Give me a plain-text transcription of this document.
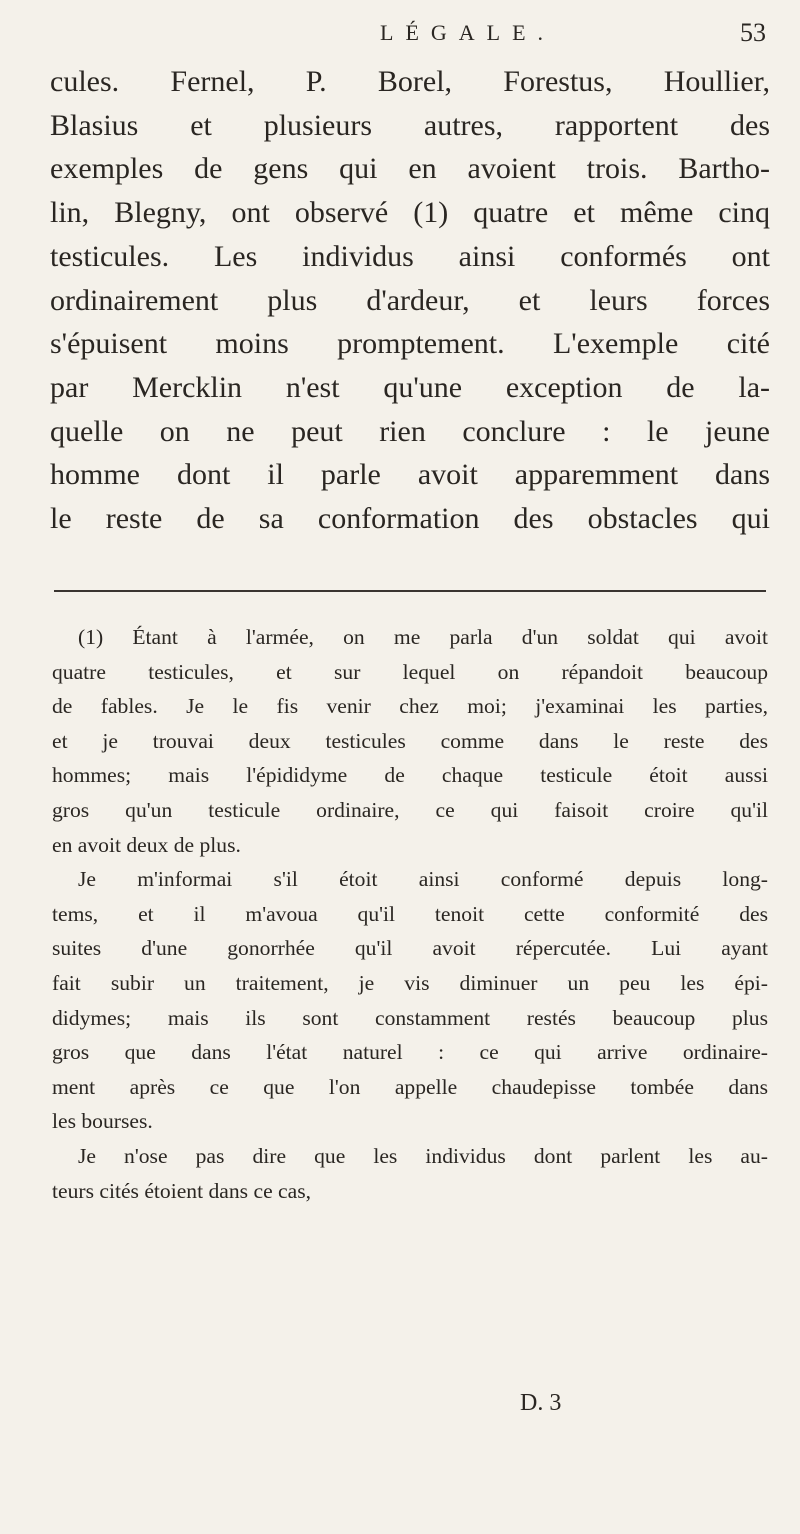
LÉGALE.	53
cules. Fernel, P. Borel, Forestus, Houllier,
Blasius et plusieurs autres, rapportent des
exemples de gens qui en avoient trois. Bartho-
lin, Blegny, ont observé (1) quatre et même cinq
testicules. Les individus ainsi conformés ont
ordinairement plus d'ardeur, et leurs forces
s'épuisent moins promptement. L'exemple cité
par Mercklin n'est qu'une exception de la-
quelle on ne peut rien conclure : le jeune
homme dont il parle avoit apparemment dans
le reste de sa conformation des obstacles qui
(1) Étant à l'armée, on me parla d'un soldat qui avoit
quatre testicules, et sur lequel on répandoit beaucoup
de fables. Je le fis venir chez moi; j'examinai les parties,
et je trouvai deux testicules comme dans le reste des
hommes; mais l'épididyme de chaque testicule étoit aussi
gros qu'un testicule ordinaire, ce qui faisoit croire qu'il
en avoit deux de plus.
Je m'informai s'il étoit ainsi conformé depuis long-
tems, et il m'avoua qu'il tenoit cette conformité des
suites d'une gonorrhée qu'il avoit répercutée. Lui ayant
fait subir un traitement, je vis diminuer un peu les épi-
didymes; mais ils sont constamment restés beaucoup plus
gros que dans l'état naturel : ce qui arrive ordinaire-
ment après ce que l'on appelle chaudepisse tombée dans
les bourses.
Je n'ose pas dire que les individus dont parlent les au-
teurs cités étoient dans ce cas,
D. 3
